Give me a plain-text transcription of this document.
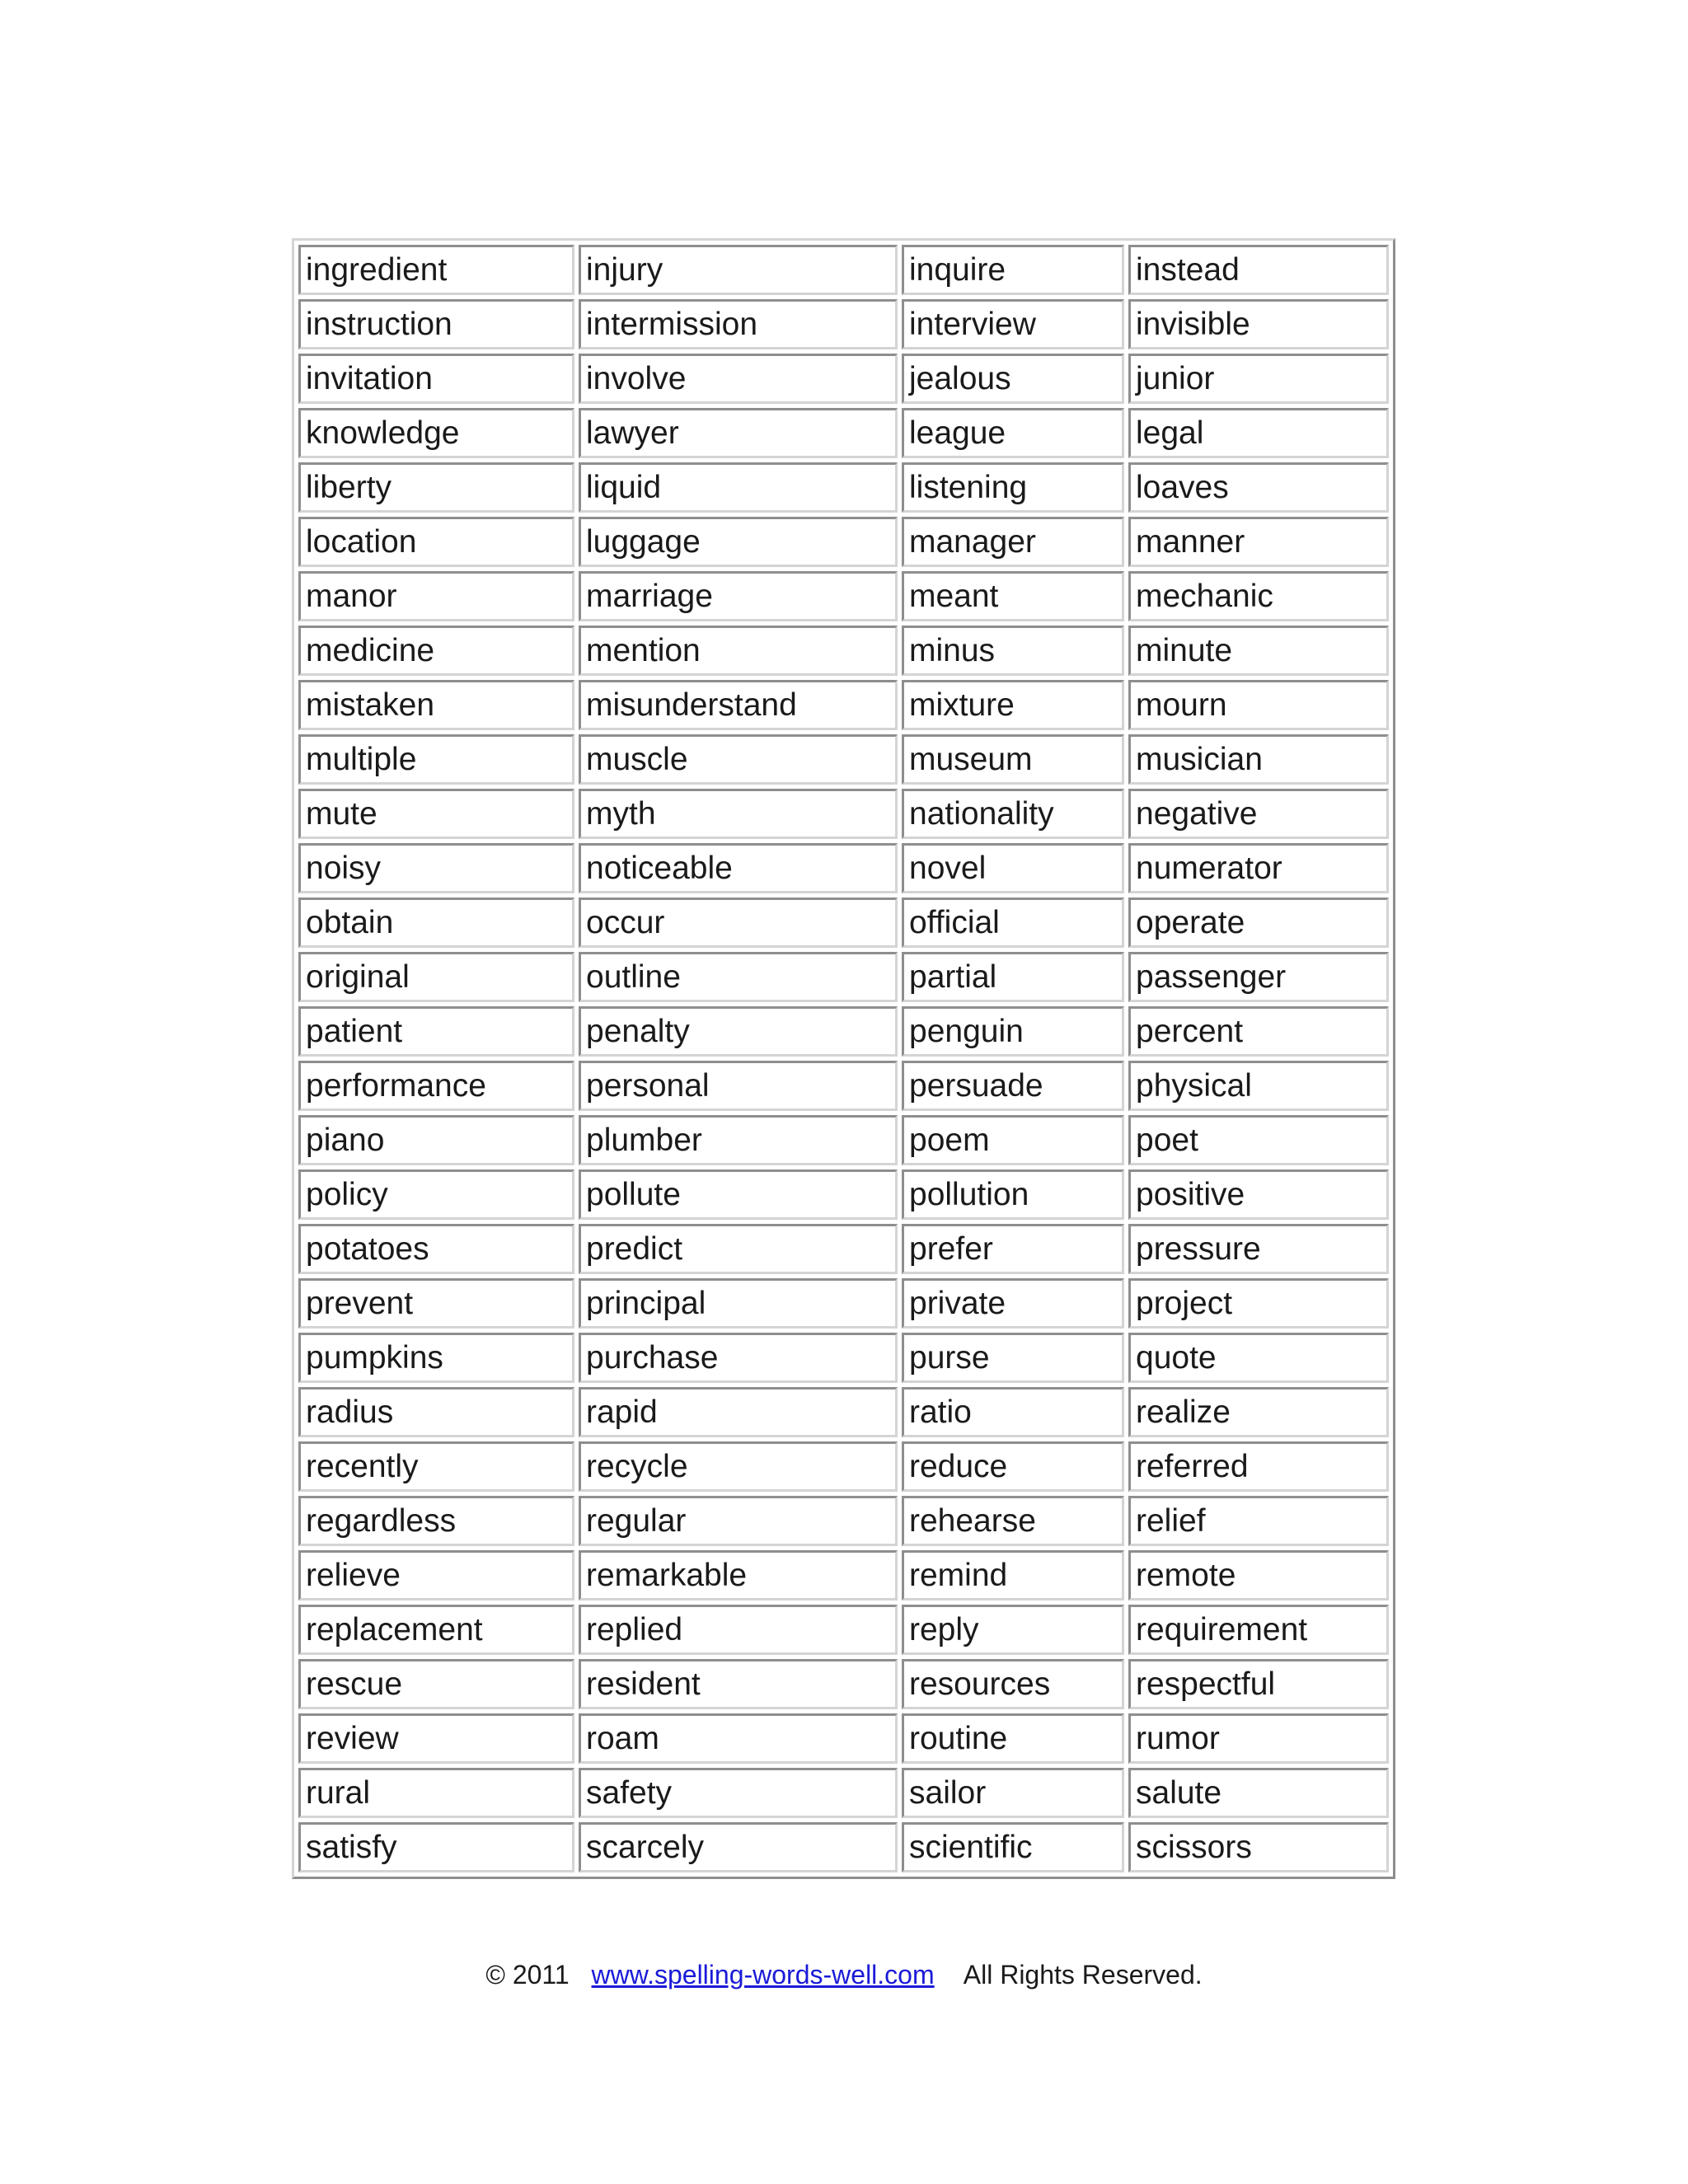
ingredient	injury	inquire	instead
instruction	intermission	interview	invisible
invitation	involve	jealous	junior
knowledge	lawyer	league	legal
liberty	liquid	listening	loaves
location	luggage	manager	manner
manor	marriage	meant	mechanic
medicine	mention	minus	minute
mistaken	misunderstand	mixture	mourn
multiple	muscle	museum	musician
mute	myth	nationality	negative
noisy	noticeable	novel	numerator
obtain	occur	official	operate
original	outline	partial	passenger
patient	penalty	penguin	percent
performance	personal	persuade	physical
piano	plumber	poem	poet
policy	pollute	pollution	positive
potatoes	predict	prefer	pressure
prevent	principal	private	project
pumpkins	purchase	purse	quote
radius	rapid	ratio	realize
recently	recycle	reduce	referred
regardless	regular	rehearse	relief
relieve	remarkable	remind	remote
replacement	replied	reply	requirement
rescue	resident	resources	respectful
review	roam	routine	rumor
rural	safety	sailor	salute
satisfy	scarcely	scientific	scissors
© 2011 www.spelling-words-well.com All Rights Reserved.
